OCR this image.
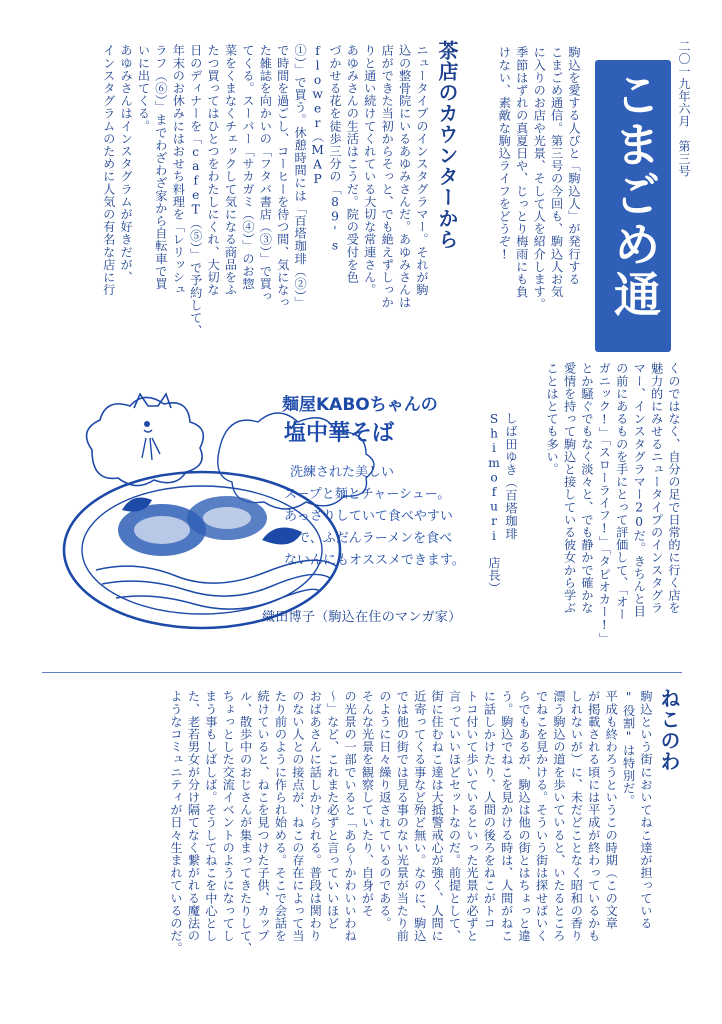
二〇一九年六月　第三号
こまごめ通信

駒込を愛する人びと「駒込人」が発行する

こまごめ通信。第三号の今回も、駒込人お気

に入りのお店や光景、そして人を紹介します。

季節はずれの真夏日や、じっとり梅雨にも負

けない、素敵な駒込ライフをどうぞ!

茶店のカウンターから

ニュータイプのインスタグラマー。それが駒

込の整骨院にいるあゆみさんだ。あゆみさんは

店ができた当初からそっと、でも絶えずしっか

りと通い続けてくれている大切な常連さん。

あゆみさんの生活はこうだ。院の受付を色

づかせる花を徒歩三分の「89's flower（MAP

①）」で買う。休憩時間には「百塔珈琲（②）」

で時間を過ごし、コーヒーを待つ間、気になっ

た雑誌を向かいの「フタバ書店（③）」で買っ

てくる。スーパー「サカガミ（④）」のお惣

菜をくまなくチェックして気になる商品をふ

たつ買ってはひとつをわたしにくれ、大切な

日のディナーを「cafeT（⑤）」で予約して、

年末のお休みにはおせち料理を「レリッシュ

ラフ（⑥）」までわざわざ家から自転車で買

いに出てくる。

あゆみさんはインスタグラムが好きだが、

インスタグラムのために人気の有名な店に行

くのではなく、自分の足で日常的に行く店を

魅力的にみせるニュータイプのインスタグラ

マー、インスタグラマー20だ。きちんと目

の前にあるものを手にとって評価して、「オー

ガニック!」「スローライフ!」「タピオカー!」

とか騒ぐでもなく淡々と、でも静かで確かな

愛情を持って駒込と接している彼女から学ぶ

ことはとても多い。

しば田ゆき（百塔珈琲 Shimofuri　店長）
麺屋KABOちゃんの
塩中華そば
洗練された美しい
スープと麺とチャーシュー。
あっさりしていて食べやすい
ので、ふだんラーメンを食べ
ないんにもオススメできます。
織田博子（駒込在住のマンガ家）
ねこのわ

駒込という街においてねこ達が担っている

"役割"は特別だ。

平成も終わろうというこの時期（この文章

が掲載される頃には平成が終わっているかも

しれないが）に、未だどことなく昭和の香り

漂う駒込の道を歩いていると、いたるところ

でねこを見かける。そういう街は探せばいく

らでもあるが、駒込は他の街とはちょっと違

う。駒込でねこを見かける時は、人間がねこ

に話しかけたり、人間の後ろをねこがトコ

トコ付いて歩いているといった光景が必ずと

言っていいほどセットなのだ。前提として、

街に住むねこ達は大抵警戒心が強く、人間に

近寄ってくる事など殆ど無い。なのに、駒込

では他の街では見る事のない光景が当たり前

のように日々繰り返されているのである。

そんな光景を観察していたり、自身がそ

の光景の一部でいると「あら～かわいいわね

～」など、これまた必ずと言っていいほど

おばあさんに話しかけられる。普段は関わり

のない人との接点が、ねこの存在によって当

たり前のように作られ始める。そこで会話を

続けていると、ねこを見つけた子供、カップ

ル、散歩中のおじさんが集まってきたりして、

ちょっとした交流イベントのようになってし

まう事もしばしば。そうしてねこを中心とし

た、老若男女が分け隔てなく繋がれる魔法の

ようなコミュニティが日々生まれているのだ。
